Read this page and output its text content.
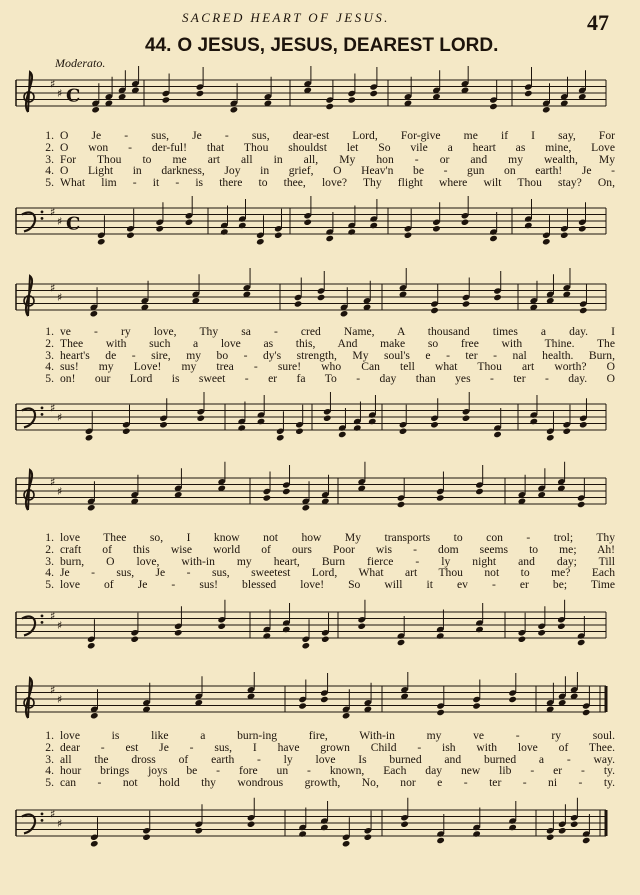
SACRED HEART OF JESUS.	47
44. O JESUS, JESUS, DEAREST LORD.
Moderato.
♯
♯ C
1. O Je - sus, Je - sus, dear-est Lord, For-give me if I say, For
2. O won - der-ful! that Thou shouldst let So vile a heart as mine, Love
3. For Thou to me art all in all, My hon - or and my wealth, My
4. O Light in darkness, Joy in grief, O Heav'n be - gun on earth! Je -
5. What lim - it - is there to thee, love? Thy flight where wilt Thou stay? On,
♯
♯ C
♯
♯
1. ve - ry love, Thy sa - cred Name, A thousand times a day. I
2. Thee with such a love as this, And make so free with Thine. The
3. heart's de - sire, my bo - dy's strength, My soul's e - ter - nal health. Burn,
4. sus! my Love! my trea - sure! who Can tell what Thou art worth? O
5. on! our Lord is sweet - er fa To - day than yes - ter - day. O
♯
♯
♯
♯
1. love Thee so, I know not how My transports to con - trol; Thy
2. craft of this wise world of ours Poor wis - dom seems to me; Ah!
3. burn, O love, with-in my heart, Burn fierce - ly night and day; Till
4. Je - sus, Je - sus, sweetest Lord, What art Thou not to me? Each
5. love of Je - sus! blessed love! So will it ev - er be; Time
♯
♯
♯
♯
1. love is like a burn-ing fire, With-in my ve - ry soul.
2. dear - est Je - sus, I have grown Child - ish with love of Thee.
3. all the dross of earth - ly love Is burned and burned a - way.
4. hour brings joys be - fore un - known, Each day new lib - er - ty.
5. can - not hold thy wondrous growth, No, nor e - ter - ni - ty.
♯
♯
